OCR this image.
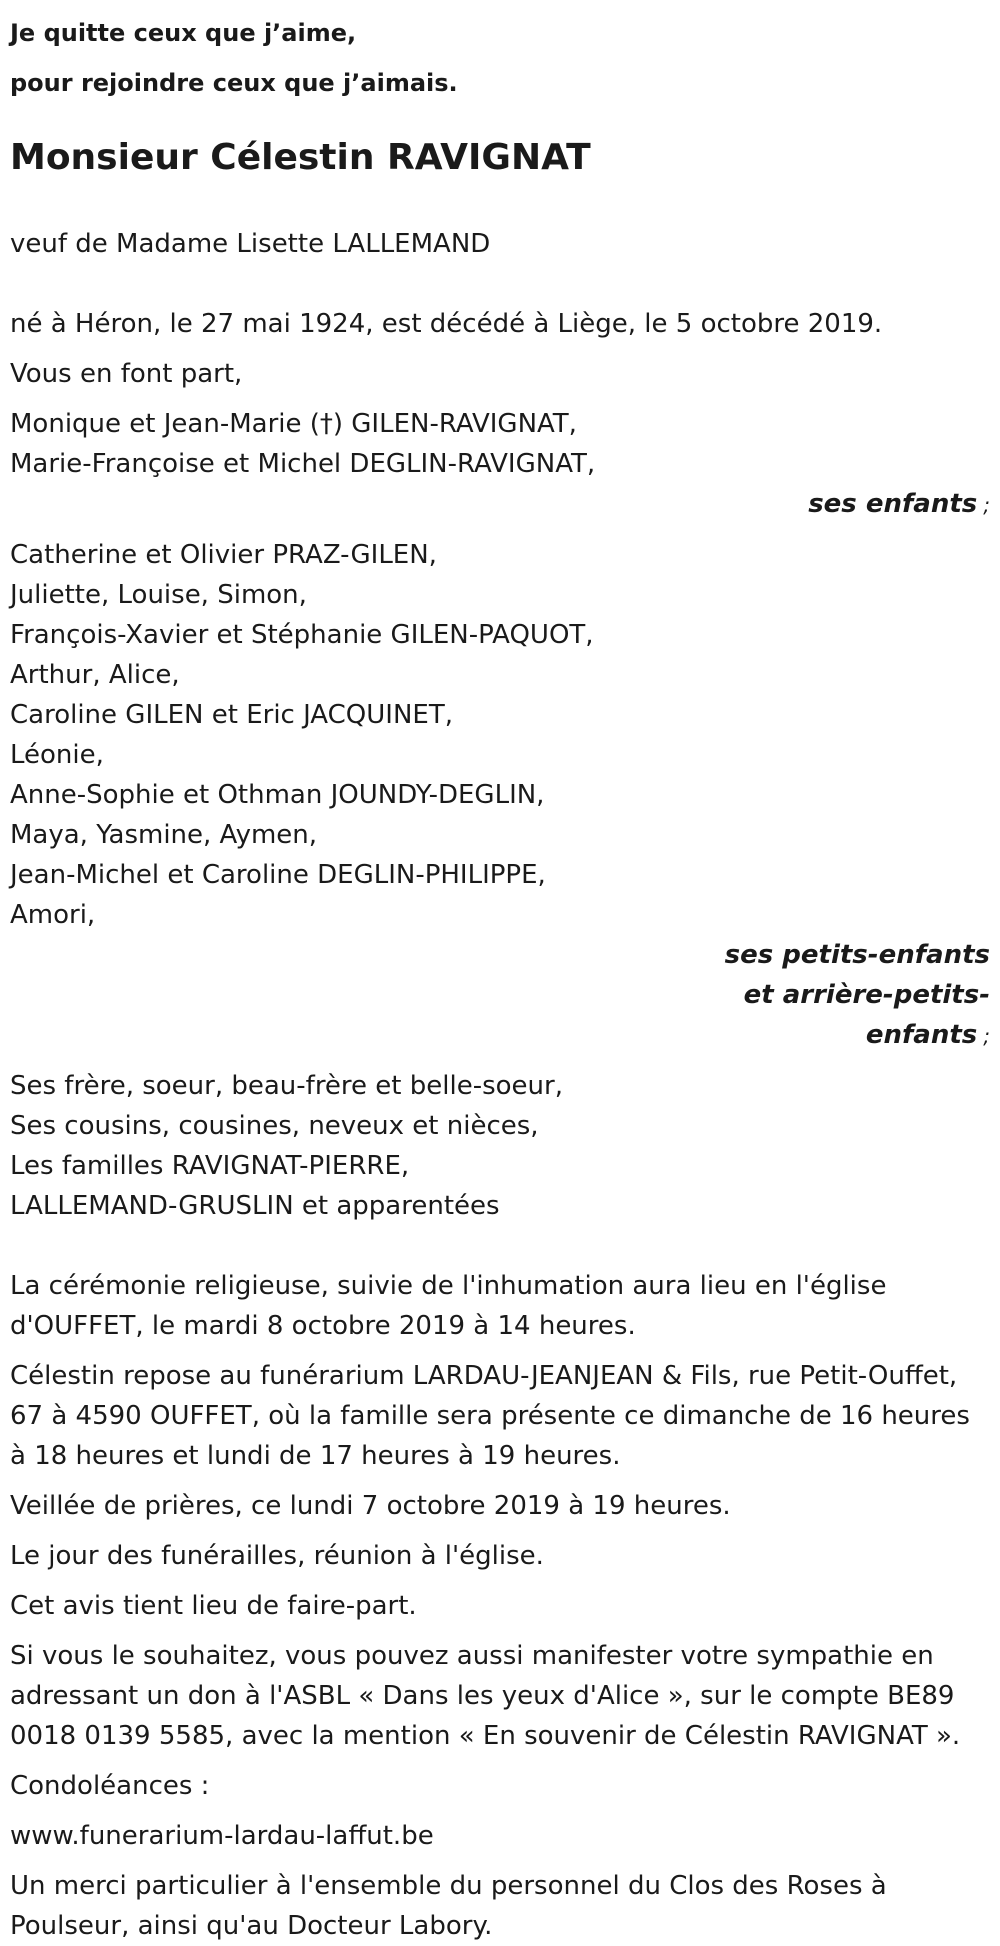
Je quitte ceux que j’aime,
pour rejoindre ceux que j’aimais.
Monsieur Célestin RAVIGNAT

veuf de Madame Lisette LALLEMAND

né à Héron, le 27 mai 1924, est décédé à Liège, le 5 octobre 2019.

Vous en font part,

Monique et Jean-Marie (†) GILEN-RAVIGNAT,
Marie-Françoise et Michel DEGLIN-RAVIGNAT,
ses enfants ;
Catherine et Olivier PRAZ-GILEN,
Juliette, Louise, Simon,
François-Xavier et Stéphanie GILEN-PAQUOT,
Arthur, Alice,
Caroline GILEN et Eric JACQUINET,
Léonie,
Anne-Sophie et Othman JOUNDY-DEGLIN,
Maya, Yasmine, Aymen,
Jean-Michel et Caroline DEGLIN-PHILIPPE,
Amori,
ses petits-enfants
et arrière-petits-
enfants ;
Ses frère, soeur, beau-frère et belle-soeur,
Ses cousins, cousines, neveux et nièces,
Les familles RAVIGNAT-PIERRE,
LALLEMAND-GRUSLIN et apparentées
La cérémonie religieuse, suivie de l'inhumation aura lieu en l'église
d'OUFFET, le mardi 8 octobre 2019 à 14 heures.
Célestin repose au funérarium LARDAU-JEANJEAN & Fils, rue Petit-Ouffet,
67 à 4590 OUFFET, où la famille sera présente ce dimanche de 16 heures
à 18 heures et lundi de 17 heures à 19 heures.

Veillée de prières, ce lundi 7 octobre 2019 à 19 heures.

Le jour des funérailles, réunion à l'église.

Cet avis tient lieu de faire-part.

Si vous le souhaitez, vous pouvez aussi manifester votre sympathie en
adressant un don à l'ASBL « Dans les yeux d'Alice », sur le compte BE89
0018 0139 5585, avec la mention « En souvenir de Célestin RAVIGNAT ».

Condoléances :

www.funerarium-lardau-laffut.be

Un merci particulier à l'ensemble du personnel du Clos des Roses à
Poulseur, ainsi qu'au Docteur Labory.
